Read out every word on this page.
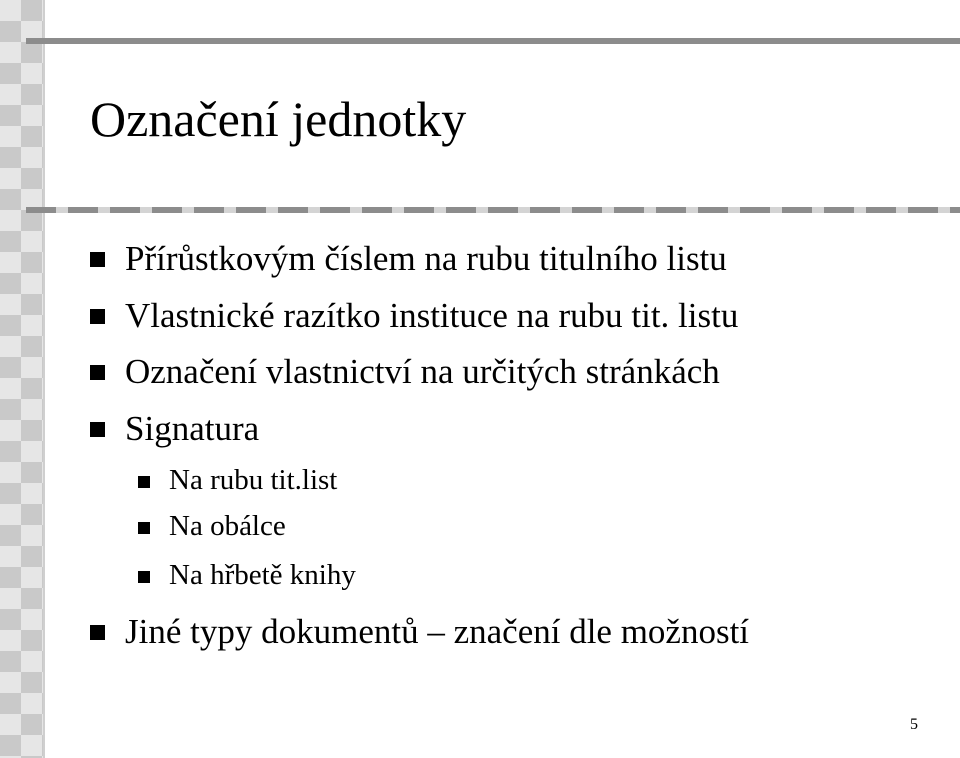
Označení jednotky
Přírůstkovým číslem na rubu titulního listu
Vlastnické razítko instituce na rubu tit. listu
Označení vlastnictví na určitých stránkách
Signatura
Na rubu tit.list
Na obálce
Na hřbetě knihy
Jiné typy dokumentů – značení dle možností
5
